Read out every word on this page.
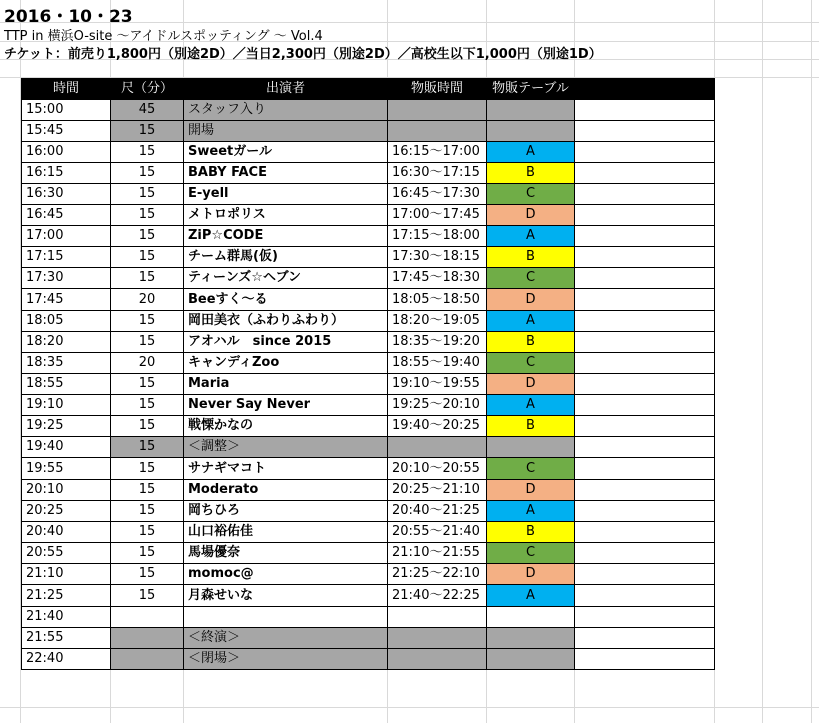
2016・10・23
TTP in 横浜O-site ～アイドルスポッティング ～ Vol.4
チケット：前売り1,800円（別途2D）／当日2,300円（別途2D）／高校生以下1,000円（別途1D）
時間	尺（分）	出演者	物販時間	物販テーブル	
15:00	45	スタッフ入り			
15:45	15	開場			
16:00	15	Sweetガール	16:15～17:00	A	
16:15	15	BABY FACE	16:30～17:15	B	
16:30	15	E-yell	16:45～17:30	C	
16:45	15	メトロポリス	17:00～17:45	D	
17:00	15	ZiP☆CODE	17:15～18:00	A	
17:15	15	チーム群馬(仮)	17:30～18:15	B	
17:30	15	ティーンズ☆ヘブン	17:45～18:30	C	
17:45	20	Beeすく～る	18:05～18:50	D	
18:05	15	岡田美衣（ふわりふわり）	18:20～19:05	A	
18:20	15	アオハル　since 2015	18:35～19:20	B	
18:35	20	キャンディZoo	18:55～19:40	C	
18:55	15	Maria	19:10～19:55	D	
19:10	15	Never Say Never	19:25～20:10	A	
19:25	15	戦慄かなの	19:40～20:25	B	
19:40	15	＜調整＞			
19:55	15	サナギマコト	20:10～20:55	C	
20:10	15	Moderato	20:25～21:10	D	
20:25	15	岡ちひろ	20:40～21:25	A	
20:40	15	山口裕佑佳	20:55～21:40	B	
20:55	15	馬場優奈	21:10～21:55	C	
21:10	15	momoc@	21:25～22:10	D	
21:25	15	月森せいな	21:40～22:25	A	
21:40					
21:55		＜終演＞			
22:40		＜閉場＞			
